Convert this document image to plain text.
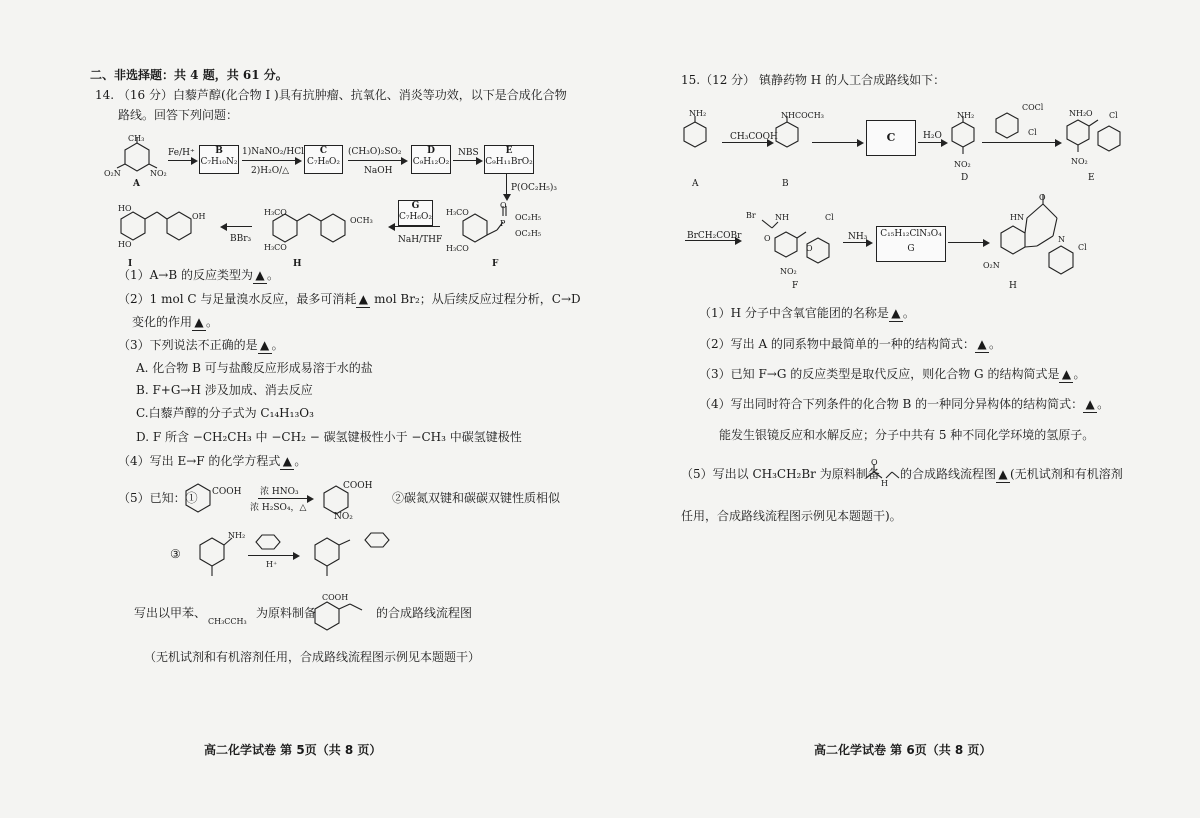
二、非选择题：共 4 题，共 61 分。
14. （16 分）白藜芦醇(化合物 I )具有抗肿瘤、抗氧化、消炎等功效，以下是合成化合物
路线。回答下列问题：
CH₃
O₂N	NO₂
A
Fe/H⁺	B
C₇H₁₀N₂
1)NaNO₂/HCl
2)H₂O/△
C
C₇H₈O₂
(CH₃O)₂SO₂
NaOH
D
C₉H₁₂O₂
NBS	E
C₉H₁₁BrO₂
P(OC₂H₅)₃
HO
HO
OH
I
BBr₃
H₃CO
H₃CO
OCH₃
H
G
C₇H₆O₂
NaH/THF
H₃CO
H₃CO
O
P
OC₂H₅
OC₂H₅
F
（1）A→B 的反应类型为 ▲ 。
（2）1 mol C 与足量溴水反应，最多可消耗 ▲ mol Br₂；从后续反应过程分析，C→D
变化的作用 ▲ 。
（3）下列说法不正确的是 ▲ 。
A. 化合物 B 可与盐酸反应形成易溶于水的盐
B. F+G→H 涉及加成、消去反应
C.白藜芦醇的分子式为 C₁₄H₁₃O₃
D. F 所含 −CH₂CH₃ 中 −CH₂ − 碳氢键极性小于 −CH₃ 中碳氢键极性
（4）写出 E→F 的化学方程式 ▲ 。
（5）已知：① COOH 浓 HNO₃
浓 H₂SO₄，△
COOH
NO₂
②碳氮双键和碳碳双键性质相似
③
NH₂
H⁺
写出以甲苯、
CH₃CCH₃
为原料制备
COOH
的合成路线流程图
（无机试剂和有机溶剂任用，合成路线流程图示例见本题题干）
高二化学试卷 第 5页（共 8 页）
15.（12 分） 镇静药物 H 的人工合成路线如下：
NH₂
A
CH₃COOH
NHCOCH₃
B
C	H₂O
NH₂
NO₂
D
COCl
Cl
NH₂ O Cl
NO₂
E
BrCH₂COBr
Br NH
O
O
Cl
NO₂
F
NH₃	C₁₅H₁₂ClN₃O₄
G
O
HN
N
Cl
O₂N
H
（1）H 分子中含氧官能团的名称是 ▲ 。
（2）写出 A 的同系物中最简单的一种的结构简式： ▲ 。
（3）已知 F→G 的反应类型是取代反应，则化合物 G 的结构简式是 ▲ 。
（4）写出同时符合下列条件的化合物 B 的一种同分异构体的结构简式： ▲ 。
能发生银镜反应和水解反应；分子中共有 5 种不同化学环境的氢原子。
（5）写出以 CH₃CH₂Br 为原料制备
O
H
的合成路线流程图 ▲ (无机试剂和有机溶剂
任用，合成路线流程图示例见本题题干)。
高二化学试卷 第 6页（共 8 页）
